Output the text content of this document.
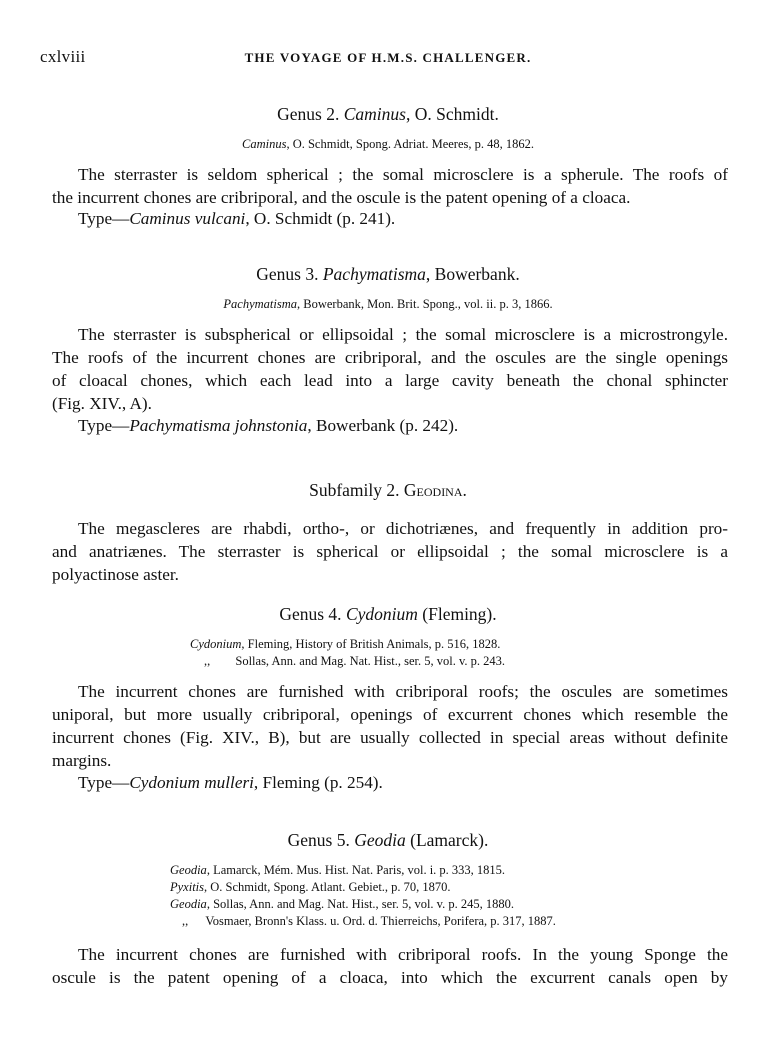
cxlviii	THE VOYAGE OF H.M.S. CHALLENGER.
Genus 2. Caminus, O. Schmidt.
Caminus, O. Schmidt, Spong. Adriat. Meeres, p. 48, 1862.
The sterraster is seldom spherical ; the somal microsclere is a spherule. The roofs of
the incurrent chones are cribriporal, and the oscule is the patent opening of a cloaca.
Type—Caminus vulcani, O. Schmidt (p. 241).
Genus 3. Pachymatisma, Bowerbank.
Pachymatisma, Bowerbank, Mon. Brit. Spong., vol. ii. p. 3, 1866.
The sterraster is subspherical or ellipsoidal ; the somal microsclere is a microstrongyle.
The roofs of the incurrent chones are cribriporal, and the oscules are the single openings
of cloacal chones, which each lead into a large cavity beneath the chonal sphincter
(Fig. XIV., A).
Type—Pachymatisma johnstonia, Bowerbank (p. 242).
Subfamily 2. Geodina.
The megascleres are rhabdi, ortho-, or dichotriænes, and frequently in addition pro-
and anatriænes. The sterraster is spherical or ellipsoidal ; the somal microsclere is a
polyactinose aster.
Genus 4. Cydonium (Fleming).
Cydonium, Fleming, History of British Animals, p. 516, 1828.
,, Sollas, Ann. and Mag. Nat. Hist., ser. 5, vol. v. p. 243.
The incurrent chones are furnished with cribriporal roofs; the oscules are sometimes
uniporal, but more usually cribriporal, openings of excurrent chones which resemble the
incurrent chones (Fig. XIV., B), but are usually collected in special areas without definite
margins.
Type—Cydonium mulleri, Fleming (p. 254).
Genus 5. Geodia (Lamarck).
Geodia, Lamarck, Mém. Mus. Hist. Nat. Paris, vol. i. p. 333, 1815.
Pyxitis, O. Schmidt, Spong. Atlant. Gebiet., p. 70, 1870.
Geodia, Sollas, Ann. and Mag. Nat. Hist., ser. 5, vol. v. p. 245, 1880.
,, Vosmaer, Bronn's Klass. u. Ord. d. Thierreichs, Porifera, p. 317, 1887.
The incurrent chones are furnished with cribriporal roofs. In the young Sponge the
oscule is the patent opening of a cloaca, into which the excurrent canals open by
